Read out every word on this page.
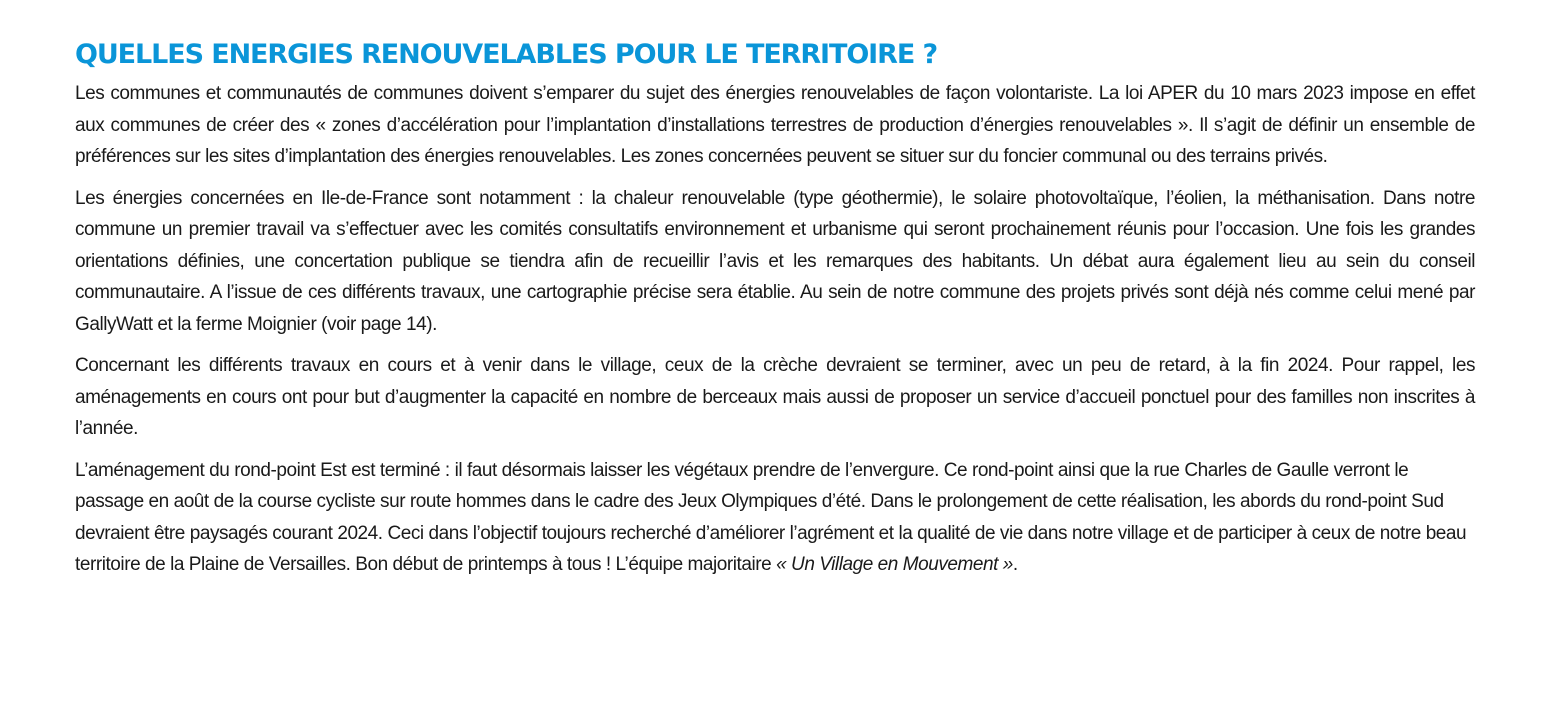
QUELLES ENERGIES RENOUVELABLES POUR LE TERRITOIRE ?

Les communes et communautés de communes doivent s’emparer du sujet des énergies renouvelables de façon volontariste. La loi APER du 10 mars 2023 impose en effet aux communes de créer des « zones d’accélération pour l’implantation d’installations terrestres de production d’énergies renouvelables ». Il s’agit de définir un ensemble de préférences sur les sites d’implantation des énergies renouvelables. Les zones concernées peuvent se situer sur du foncier communal ou des terrains privés.

Les énergies concernées en Ile-de-France sont notamment : la chaleur renouvelable (type géothermie), le solaire photovoltaïque, l’éolien, la méthanisation. Dans notre commune un premier travail va s’effectuer avec les comités consultatifs environnement et urbanisme qui seront prochainement réunis pour l’occasion. Une fois les grandes orientations définies, une concertation publique se tiendra afin de recueillir l’avis et les remarques des habitants. Un débat aura également lieu au sein du conseil communautaire. A l’issue de ces différents travaux, une cartographie précise sera établie. Au sein de notre commune des projets privés sont déjà nés comme celui mené par GallyWatt et la ferme Moignier (voir page 14).

Concernant les différents travaux en cours et à venir dans le village, ceux de la crèche devraient se terminer, avec un peu de retard, à la fin 2024. Pour rappel, les aménagements en cours ont pour but d’augmenter la capacité en nombre de berceaux mais aussi de proposer un service d’accueil ponctuel pour des familles non inscrites à l’année.

L’aménagement du rond-point Est est terminé : il faut désormais laisser les végétaux prendre de l’envergure. Ce rond-point ainsi que la rue Charles de Gaulle verront le passage en août de la course cycliste sur route hommes dans le cadre des Jeux Olympiques d’été. Dans le prolongement de cette réalisation, les abords du rond-point Sud devraient être paysagés courant 2024. Ceci dans l’objectif toujours recherché d’améliorer l’agrément et la qualité de vie dans notre village et de participer à ceux de notre beau territoire de la Plaine de Versailles. Bon début de printemps à tous ! L’équipe majoritaire « Un Village en Mouvement ».
